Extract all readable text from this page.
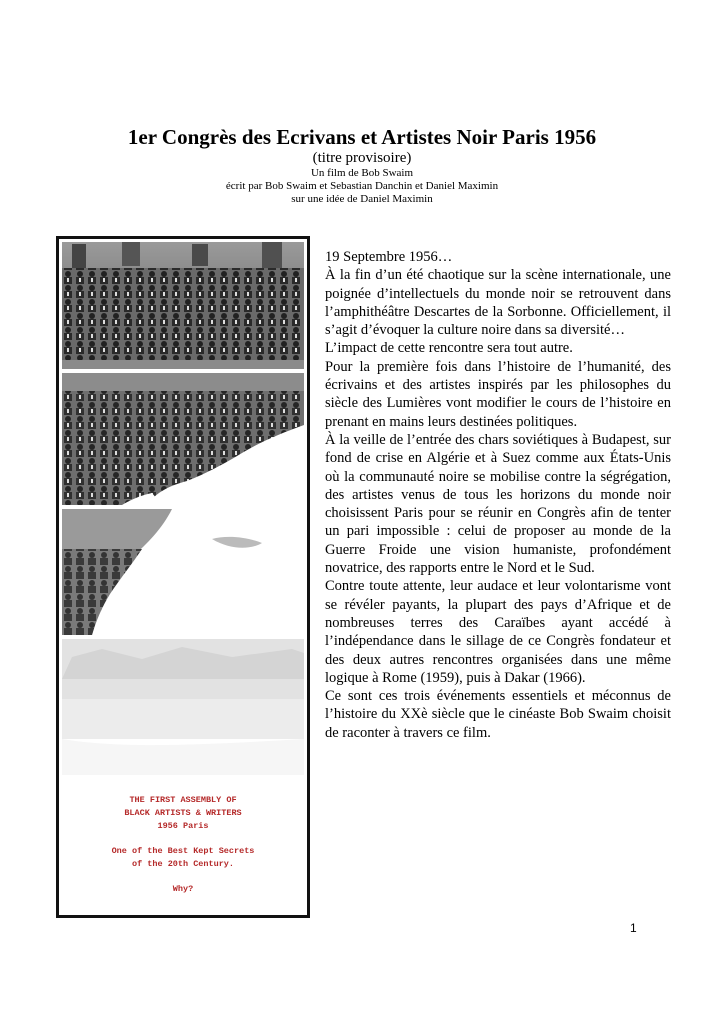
1er Congrès des Ecrivans et Artistes Noir Paris 1956

(titre provisoire)

Un film de Bob Swaim

écrit par Bob Swaim et Sebastian Danchin et Daniel Maximin

sur une idée de Daniel Maximin

THE FIRST ASSEMBLY OF

BLACK ARTISTS & WRITERS

1956 Paris

One of the Best Kept Secrets

of the 20th Century.

Why?

19 Septembre 1956…

À la fin d’un été chaotique sur la scène internationale, une poignée d’intellectuels du monde noir se retrouvent dans l’amphithéâtre Descartes de la Sorbonne. Officiellement, il s’agit d’évoquer la culture noire dans sa diversité…

L’impact de cette rencontre sera tout autre.

Pour la première fois dans l’histoire de l’humanité, des écrivains et des artistes inspirés par les philosophes du siècle des Lumières vont modifier le cours de l’histoire en prenant en mains leurs destinées politiques.

À la veille de l’entrée des chars soviétiques à Budapest, sur fond de crise en Algérie et à Suez comme aux États-Unis où la communauté noire se mobilise contre la ségrégation, des artistes venus de tous les horizons du monde noir choisissent Paris pour se réunir en Congrès afin de tenter un pari impossible : celui de proposer au monde de la Guerre Froide une vision humaniste, profondément novatrice, des rapports entre le Nord et le Sud.

Contre toute attente, leur audace et leur volontarisme vont se révéler payants, la plupart des pays d’Afrique et de nombreuses terres des Caraïbes ayant accédé à l’indépendance dans le sillage de ce Congrès fondateur et des deux autres rencontres organisées dans une même logique à Rome (1959), puis à Dakar (1966).

Ce sont ces trois événements essentiels et méconnus de l’histoire du XXè siècle que le cinéaste Bob Swaim choisit de raconter à travers ce film.

1
